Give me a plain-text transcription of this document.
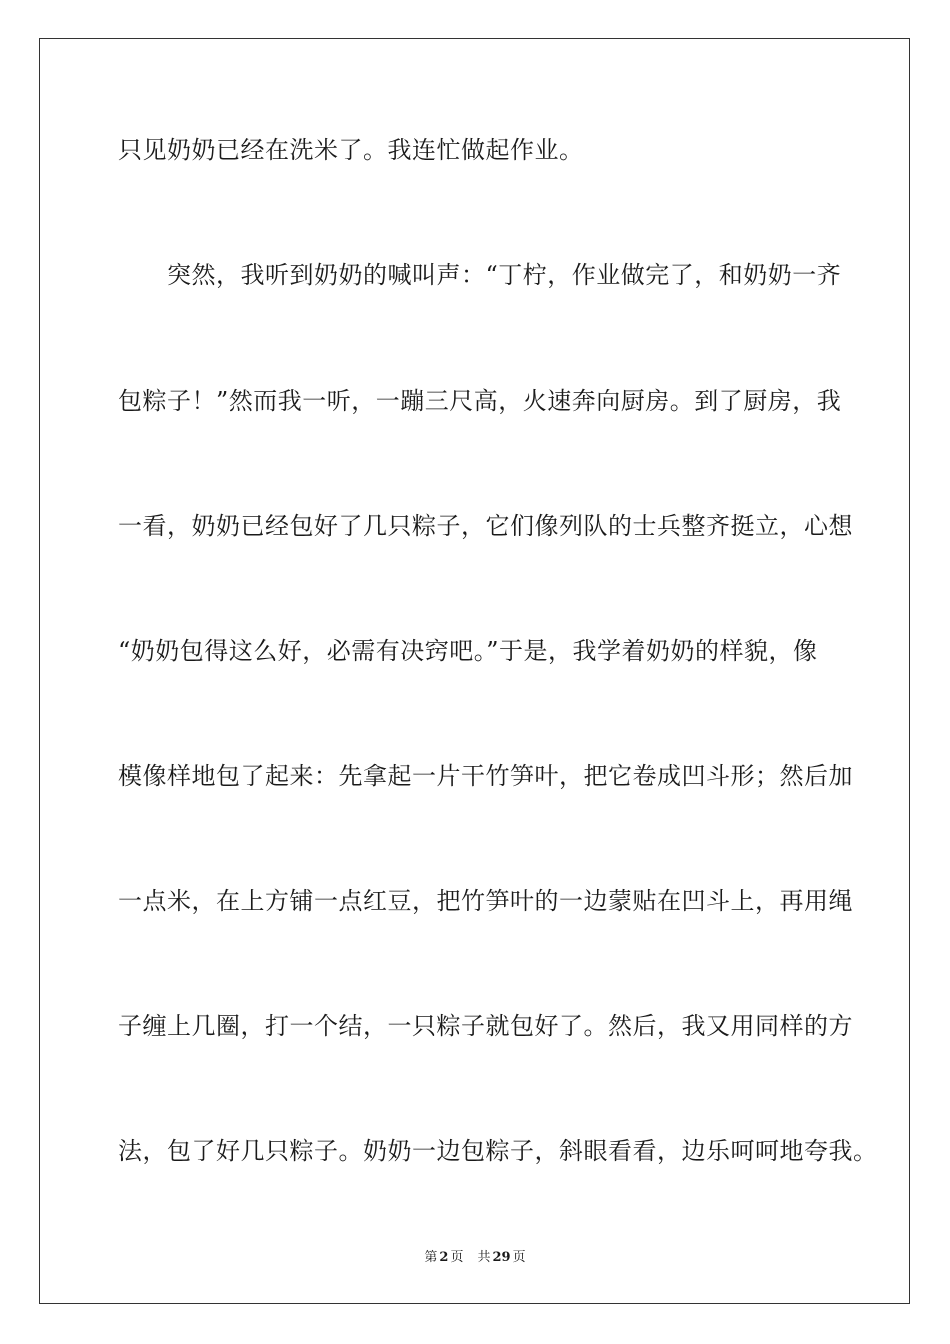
只见奶奶已经在洗米了。我连忙做起作业。
　　突然，我听到奶奶的喊叫声：“丁柠，作业做完了，和奶奶一齐
包粽子！”然而我一听，一蹦三尺高，火速奔向厨房。到了厨房，我
一看，奶奶已经包好了几只粽子，它们像列队的士兵整齐挺立，心想
“奶奶包得这么好，必需有决窍吧。”于是，我学着奶奶的样貌，像
模像样地包了起来：先拿起一片干竹笋叶，把它卷成凹斗形；然后加
一点米，在上方铺一点红豆，把竹笋叶的一边蒙贴在凹斗上，再用绳
子缠上几圈，打一个结，一只粽子就包好了。然后，我又用同样的方
法，包了好几只粽子。奶奶一边包粽子，斜眼看看，边乐呵呵地夸我。
第 2 页 共 29 页
